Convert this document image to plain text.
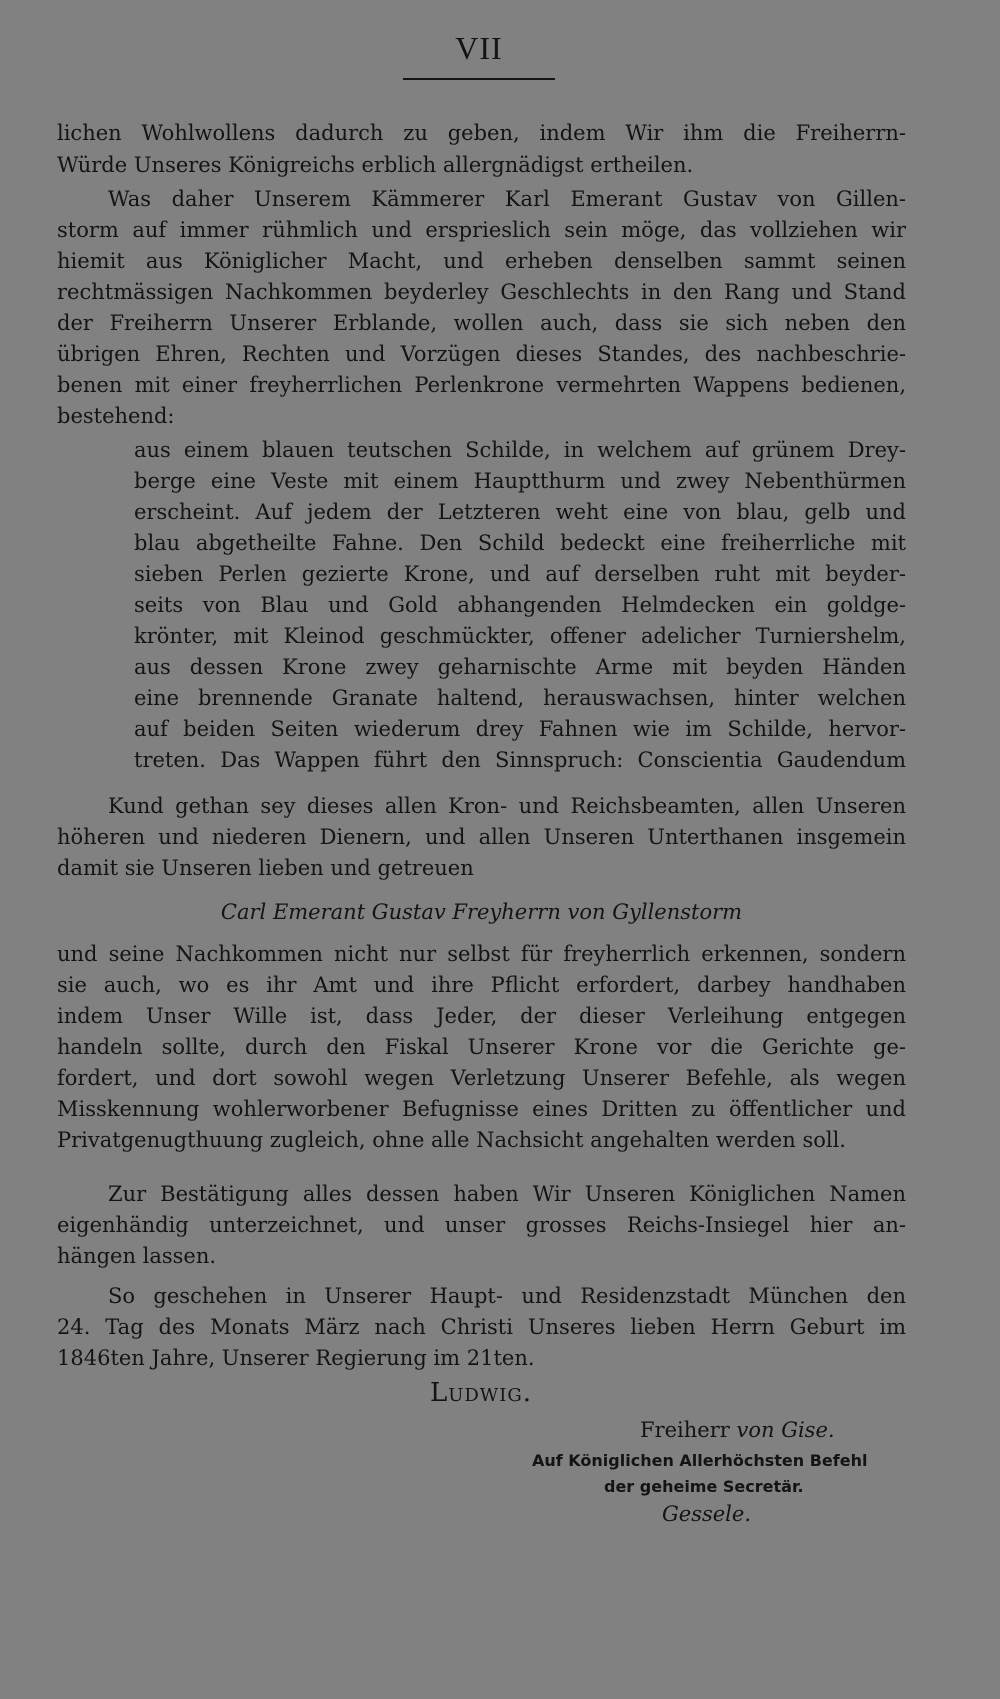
VII

lichen Wohlwollens dadurch zu geben, indem Wir ihm die Freiherrn-

Würde Unseres Königreichs erblich allergnädigst ertheilen.

Was daher Unserem Kämmerer Karl Emerant Gustav von Gillen-

storm auf immer rühmlich und ersprieslich sein möge, das vollziehen wir

hiemit aus Königlicher Macht, und erheben denselben sammt seinen

rechtmässigen Nachkommen beyderley Geschlechts in den Rang und Stand

der Freiherrn Unserer Erblande, wollen auch, dass sie sich neben den

übrigen Ehren, Rechten und Vorzügen dieses Standes, des nachbeschrie-

benen mit einer freyherrlichen Perlenkrone vermehrten Wappens bedienen,

bestehend:

aus einem blauen teutschen Schilde, in welchem auf grünem Drey-

berge eine Veste mit einem Hauptthurm und zwey Nebenthürmen

erscheint. Auf jedem der Letzteren weht eine von blau, gelb und

blau abgetheilte Fahne. Den Schild bedeckt eine freiherrliche mit

sieben Perlen gezierte Krone, und auf derselben ruht mit beyder-

seits von Blau und Gold abhangenden Helmdecken ein goldge-

krönter, mit Kleinod geschmückter, offener adelicher Turniershelm,

aus dessen Krone zwey geharnischte Arme mit beyden Händen

eine brennende Granate haltend, herauswachsen, hinter welchen

auf beiden Seiten wiederum drey Fahnen wie im Schilde, hervor-

treten. Das Wappen führt den Sinnspruch: Conscientia Gaudendum

Kund gethan sey dieses allen Kron- und Reichsbeamten, allen Unseren

höheren und niederen Dienern, und allen Unseren Unterthanen insgemein

damit sie Unseren lieben und getreuen

Carl Emerant Gustav Freyherrn von Gyllenstorm

und seine Nachkommen nicht nur selbst für freyherrlich erkennen, sondern

sie auch, wo es ihr Amt und ihre Pflicht erfordert, darbey handhaben

indem Unser Wille ist, dass Jeder, der dieser Verleihung entgegen

handeln sollte, durch den Fiskal Unserer Krone vor die Gerichte ge-

fordert, und dort sowohl wegen Verletzung Unserer Befehle, als wegen

Misskennung wohlerworbener Befugnisse eines Dritten zu öffentlicher und

Privatgenugthuung zugleich, ohne alle Nachsicht angehalten werden soll.

Zur Bestätigung alles dessen haben Wir Unseren Königlichen Namen

eigenhändig unterzeichnet, und unser grosses Reichs-Insiegel hier an-

hängen lassen.

So geschehen in Unserer Haupt- und Residenzstadt München den

24. Tag des Monats März nach Christi Unseres lieben Herrn Geburt im

1846ten Jahre, Unserer Regierung im 21ten.

Ludwig.
Freiherr von Gise.
Auf Königlichen Allerhöchsten Befehl
der geheime Secretär.
Gessele.
